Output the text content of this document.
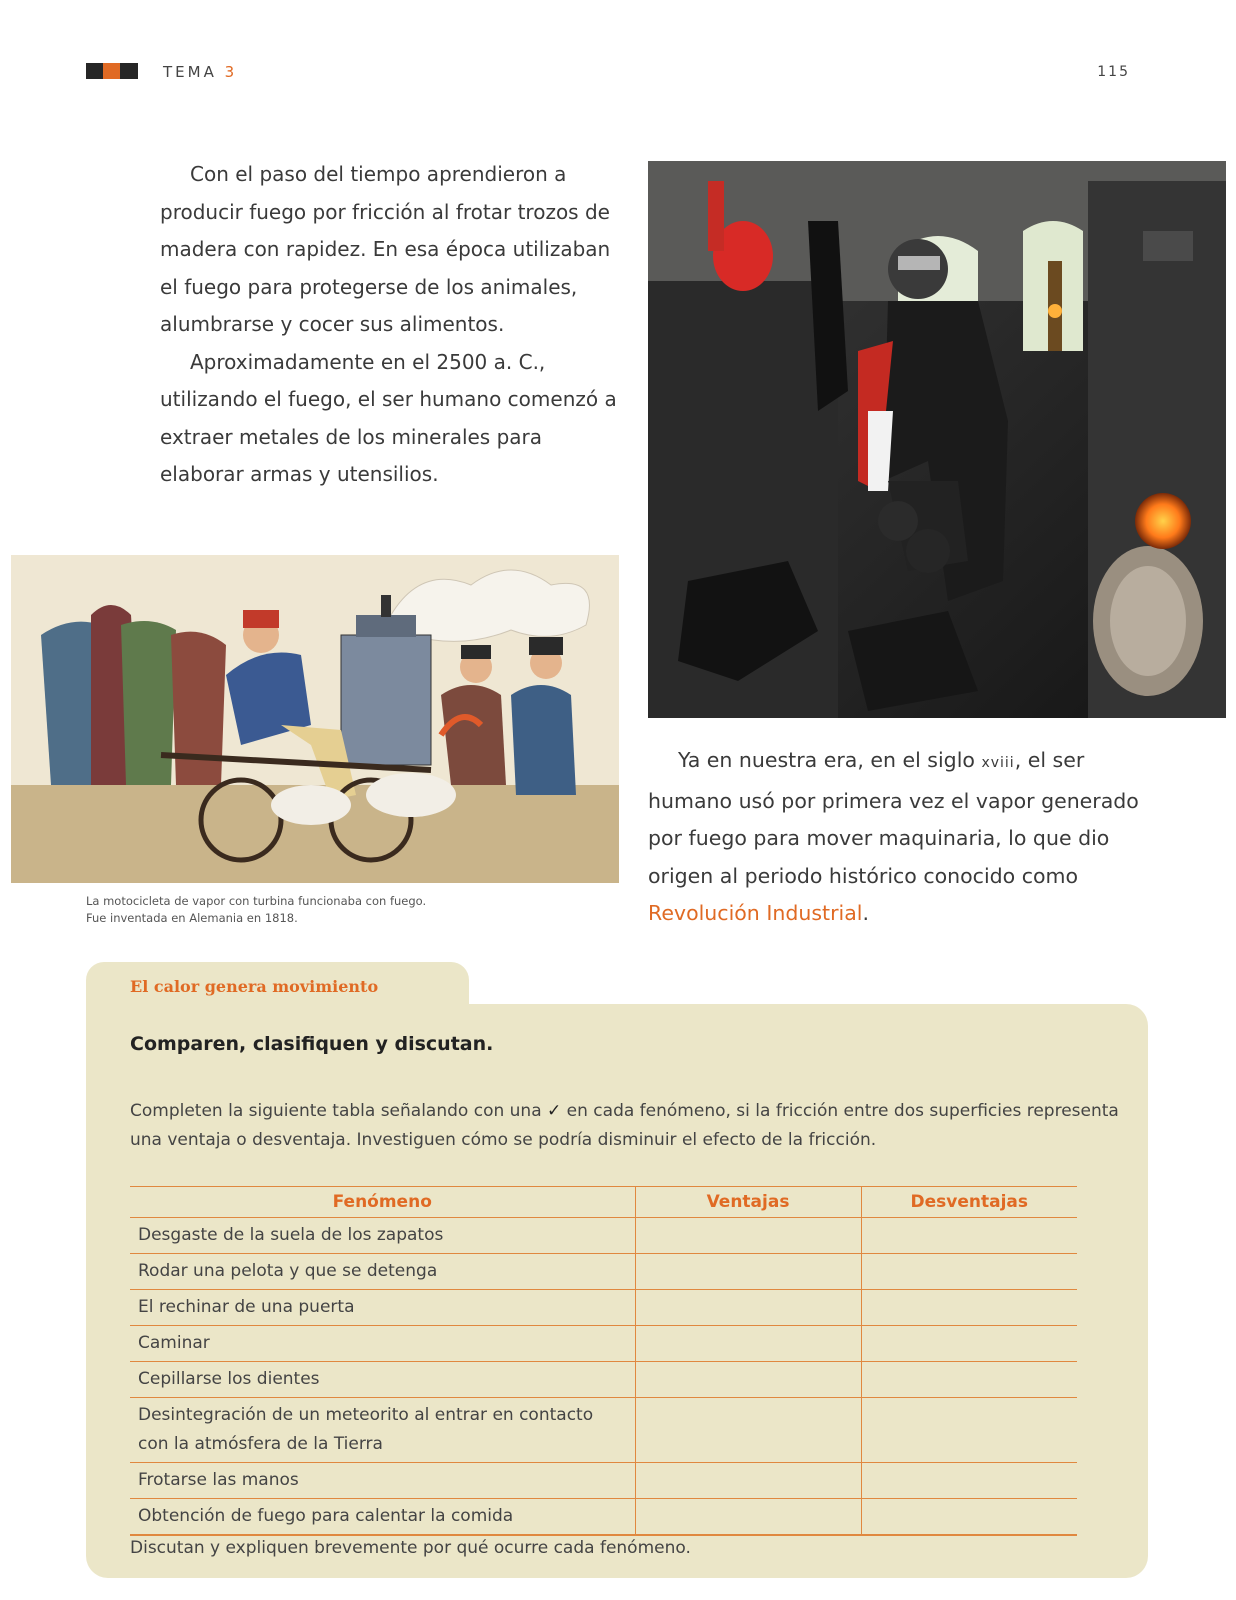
TEMA 3	115

Con el paso del tiempo aprendieron a producir fuego por fricción al frotar trozos de madera con rapidez. En esa época utilizaban el fuego para protegerse de los animales, alumbrarse y cocer sus alimentos.

Aproximadamente en el 2500 a. C., utilizando el fuego, el ser humano comenzó a extraer metales de los minerales para elaborar armas y utensilios.

La motocicleta de vapor con turbina funcionaba con fuego.
Fue inventada en Alemania en 1818.

Ya en nuestra era, en el siglo xviii, el ser humano usó por primera vez el vapor generado por fuego para mover maquinaria, lo que dio origen al periodo histórico conocido como Revolución Industrial.

El calor genera movimiento
Comparen, clasifiquen y discutan.
Completen la siguiente tabla señalando con una ✓ en cada fenómeno, si la fricción entre dos superficies representa una ventaja o desventaja. Investiguen cómo se podría disminuir el efecto de la fricción.
Fenómeno	Ventajas	Desventajas
Desgaste de la suela de los zapatos		
Rodar una pelota y que se detenga		
El rechinar de una puerta		
Caminar		
Cepillarse los dientes		
Desintegración de un meteorito al entrar en contacto con la atmósfera de la Tierra		
Frotarse las manos		
Obtención de fuego para calentar la comida		
Discutan y expliquen brevemente por qué ocurre cada fenómeno.
